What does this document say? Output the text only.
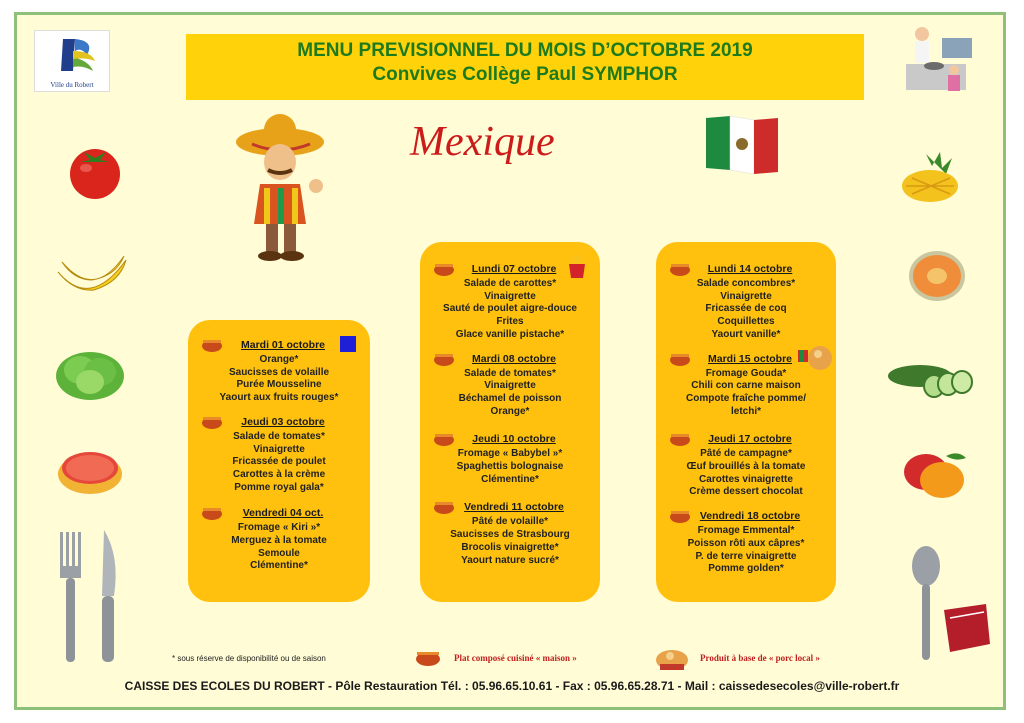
Ville du Robert
MENU PREVISIONNEL DU MOIS D’OCTOBRE 2019
Convives Collège Paul SYMPHOR
Mexique
Mardi 01 octobre
Orange*
Saucisses de volaille
Purée Mousseline
Yaourt aux fruits rouges*
Jeudi 03 octobre
Salade de tomates*
Vinaigrette
Fricassée de poulet
Carottes à la crème
Pomme royal gala*
Vendredi 04 oct.
Fromage « Kiri »*
Merguez à la tomate
Semoule
Clémentine*
Lundi 07 octobre
Salade de carottes*
Vinaigrette
Sauté de poulet aigre-douce
Frites
Glace vanille pistache*
Mardi 08 octobre
Salade de tomates*
Vinaigrette
Béchamel de poisson
Orange*
Jeudi 10 octobre
Fromage « Babybel »*
Spaghettis bolognaise
Clémentine*
Vendredi 11 octobre
Pâté de volaille*
Saucisses de Strasbourg
Brocolis vinaigrette*
Yaourt nature sucré*
Lundi 14 octobre
Salade concombres*
Vinaigrette
Fricassée de coq
Coquillettes
Yaourt vanille*
Mardi 15 octobre
Fromage Gouda*
Chili con carne maison
Compote fraîche pomme/
letchi*
Jeudi 17 octobre
Pâté de campagne*
Œuf brouillés à la tomate
Carottes vinaigrette
Crème dessert chocolat
Vendredi 18 octobre
Fromage Emmental*
Poisson rôti aux câpres*
P. de terre vinaigrette
Pomme golden*
* sous réserve de disponibilité ou de saison	Plat composé cuisiné « maison »	Produit à base de « porc local »
CAISSE DES ECOLES DU ROBERT - Pôle Restauration Tél. : 05.96.65.10.61 - Fax : 05.96.65.28.71 - Mail : caissedesecoles@ville-robert.fr
